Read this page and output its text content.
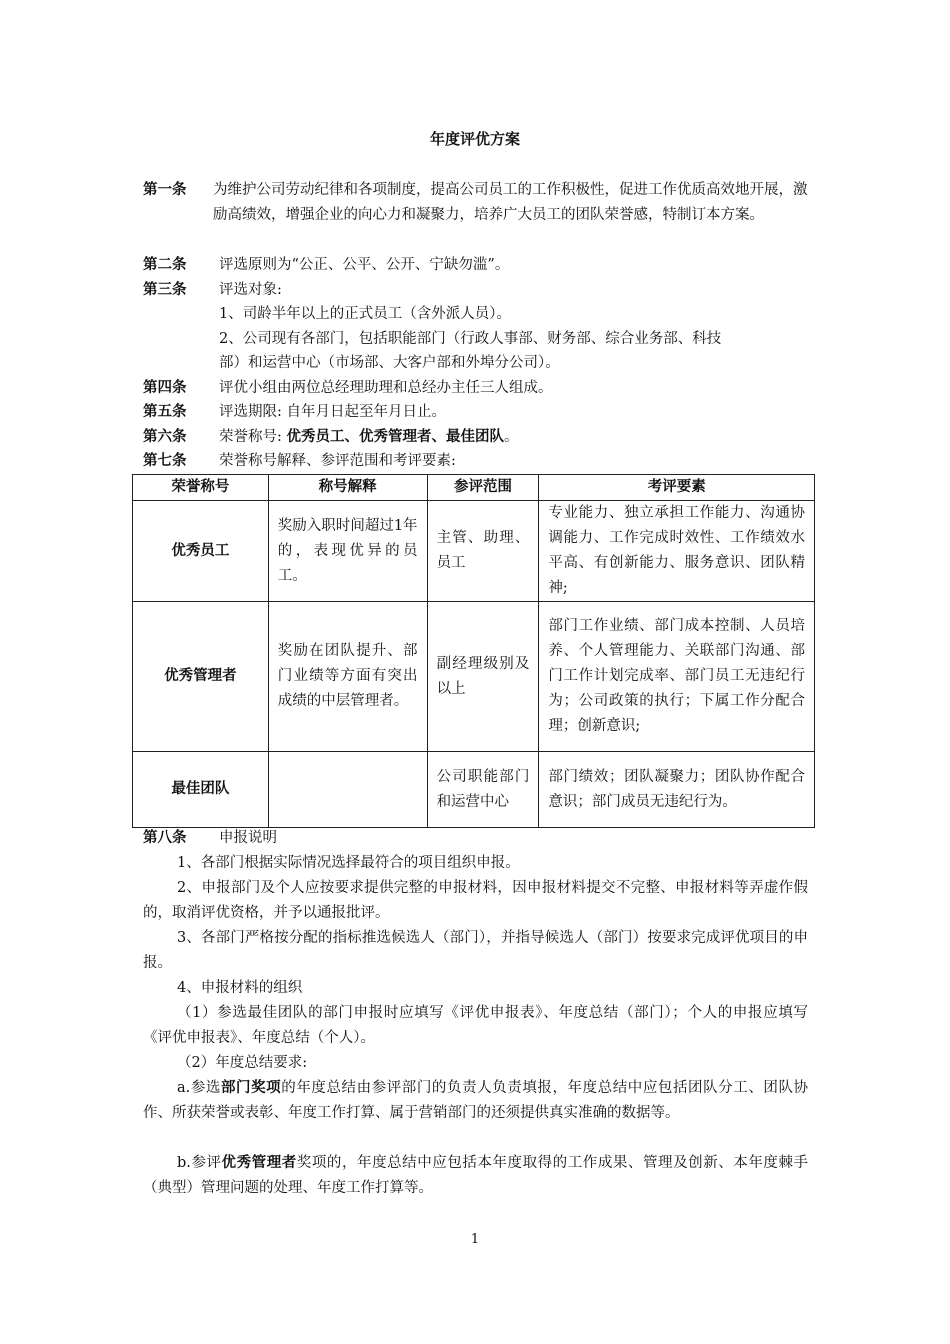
年度评优方案
第一条 为维护公司劳动纪律和各项制度，提高公司员工的工作积极性，促进工作优质高效地开展，激励高绩效，增强企业的向心力和凝聚力，培养广大员工的团队荣誉感，特制订本方案。
第二条 评选原则为“公正、公平、公开、宁缺勿滥”。
第三条 评选对象:
1、司龄半年以上的正式员工（含外派人员）。
2、公司现有各部门，包括职能部门（行政人事部、财务部、综合业务部、科技
部）和运营中心（市场部、大客户部和外埠分公司）。
第四条 评优小组由两位总经理助理和总经办主任三人组成。
第五条 评选期限: 自年月日起至年月日止。
第六条 荣誉称号: 优秀员工、优秀管理者、最佳团队。
第七条 荣誉称号解释、参评范围和考评要素:
荣誉称号	称号解释	参评范围	考评要素
优秀员工	奖励入职时间超过1年的，表现优异的员工。	主管、助理、员工	专业能力、独立承担工作能力、沟通协调能力、工作完成时效性、工作绩效水平高、有创新能力、服务意识、团队精神;
优秀管理者	奖励在团队提升、部门业绩等方面有突出成绩的中层管理者。	副经理级别及以上	部门工作业绩、部门成本控制、人员培养、个人管理能力、关联部门沟通、部门工作计划完成率、部门员工无违纪行为；公司政策的执行；下属工作分配合理；创新意识;
最佳团队		公司职能部门和运营中心	部门绩效；团队凝聚力；团队协作配合意识；部门成员无违纪行为。
第八条 申报说明
1、各部门根据实际情况选择最符合的项目组织申报。
2、申报部门及个人应按要求提供完整的申报材料，因申报材料提交不完整、申报材料等弄虚作假的，取消评优资格，并予以通报批评。
3、各部门严格按分配的指标推选候选人（部门），并指导候选人（部门）按要求完成评优项目的申报。
4、申报材料的组织
（1）参选最佳团队的部门申报时应填写《评优申报表》、年度总结（部门）；个人的申报应填写《评优申报表》、年度总结（个人）。
（2）年度总结要求:
a.参选部门奖项的年度总结由参评部门的负责人负责填报，年度总结中应包括团队分工、团队协作、所获荣誉或表彰、年度工作打算、属于营销部门的还须提供真实准确的数据等。
b.参评优秀管理者奖项的，年度总结中应包括本年度取得的工作成果、管理及创新、本年度棘手（典型）管理问题的处理、年度工作打算等。
1
